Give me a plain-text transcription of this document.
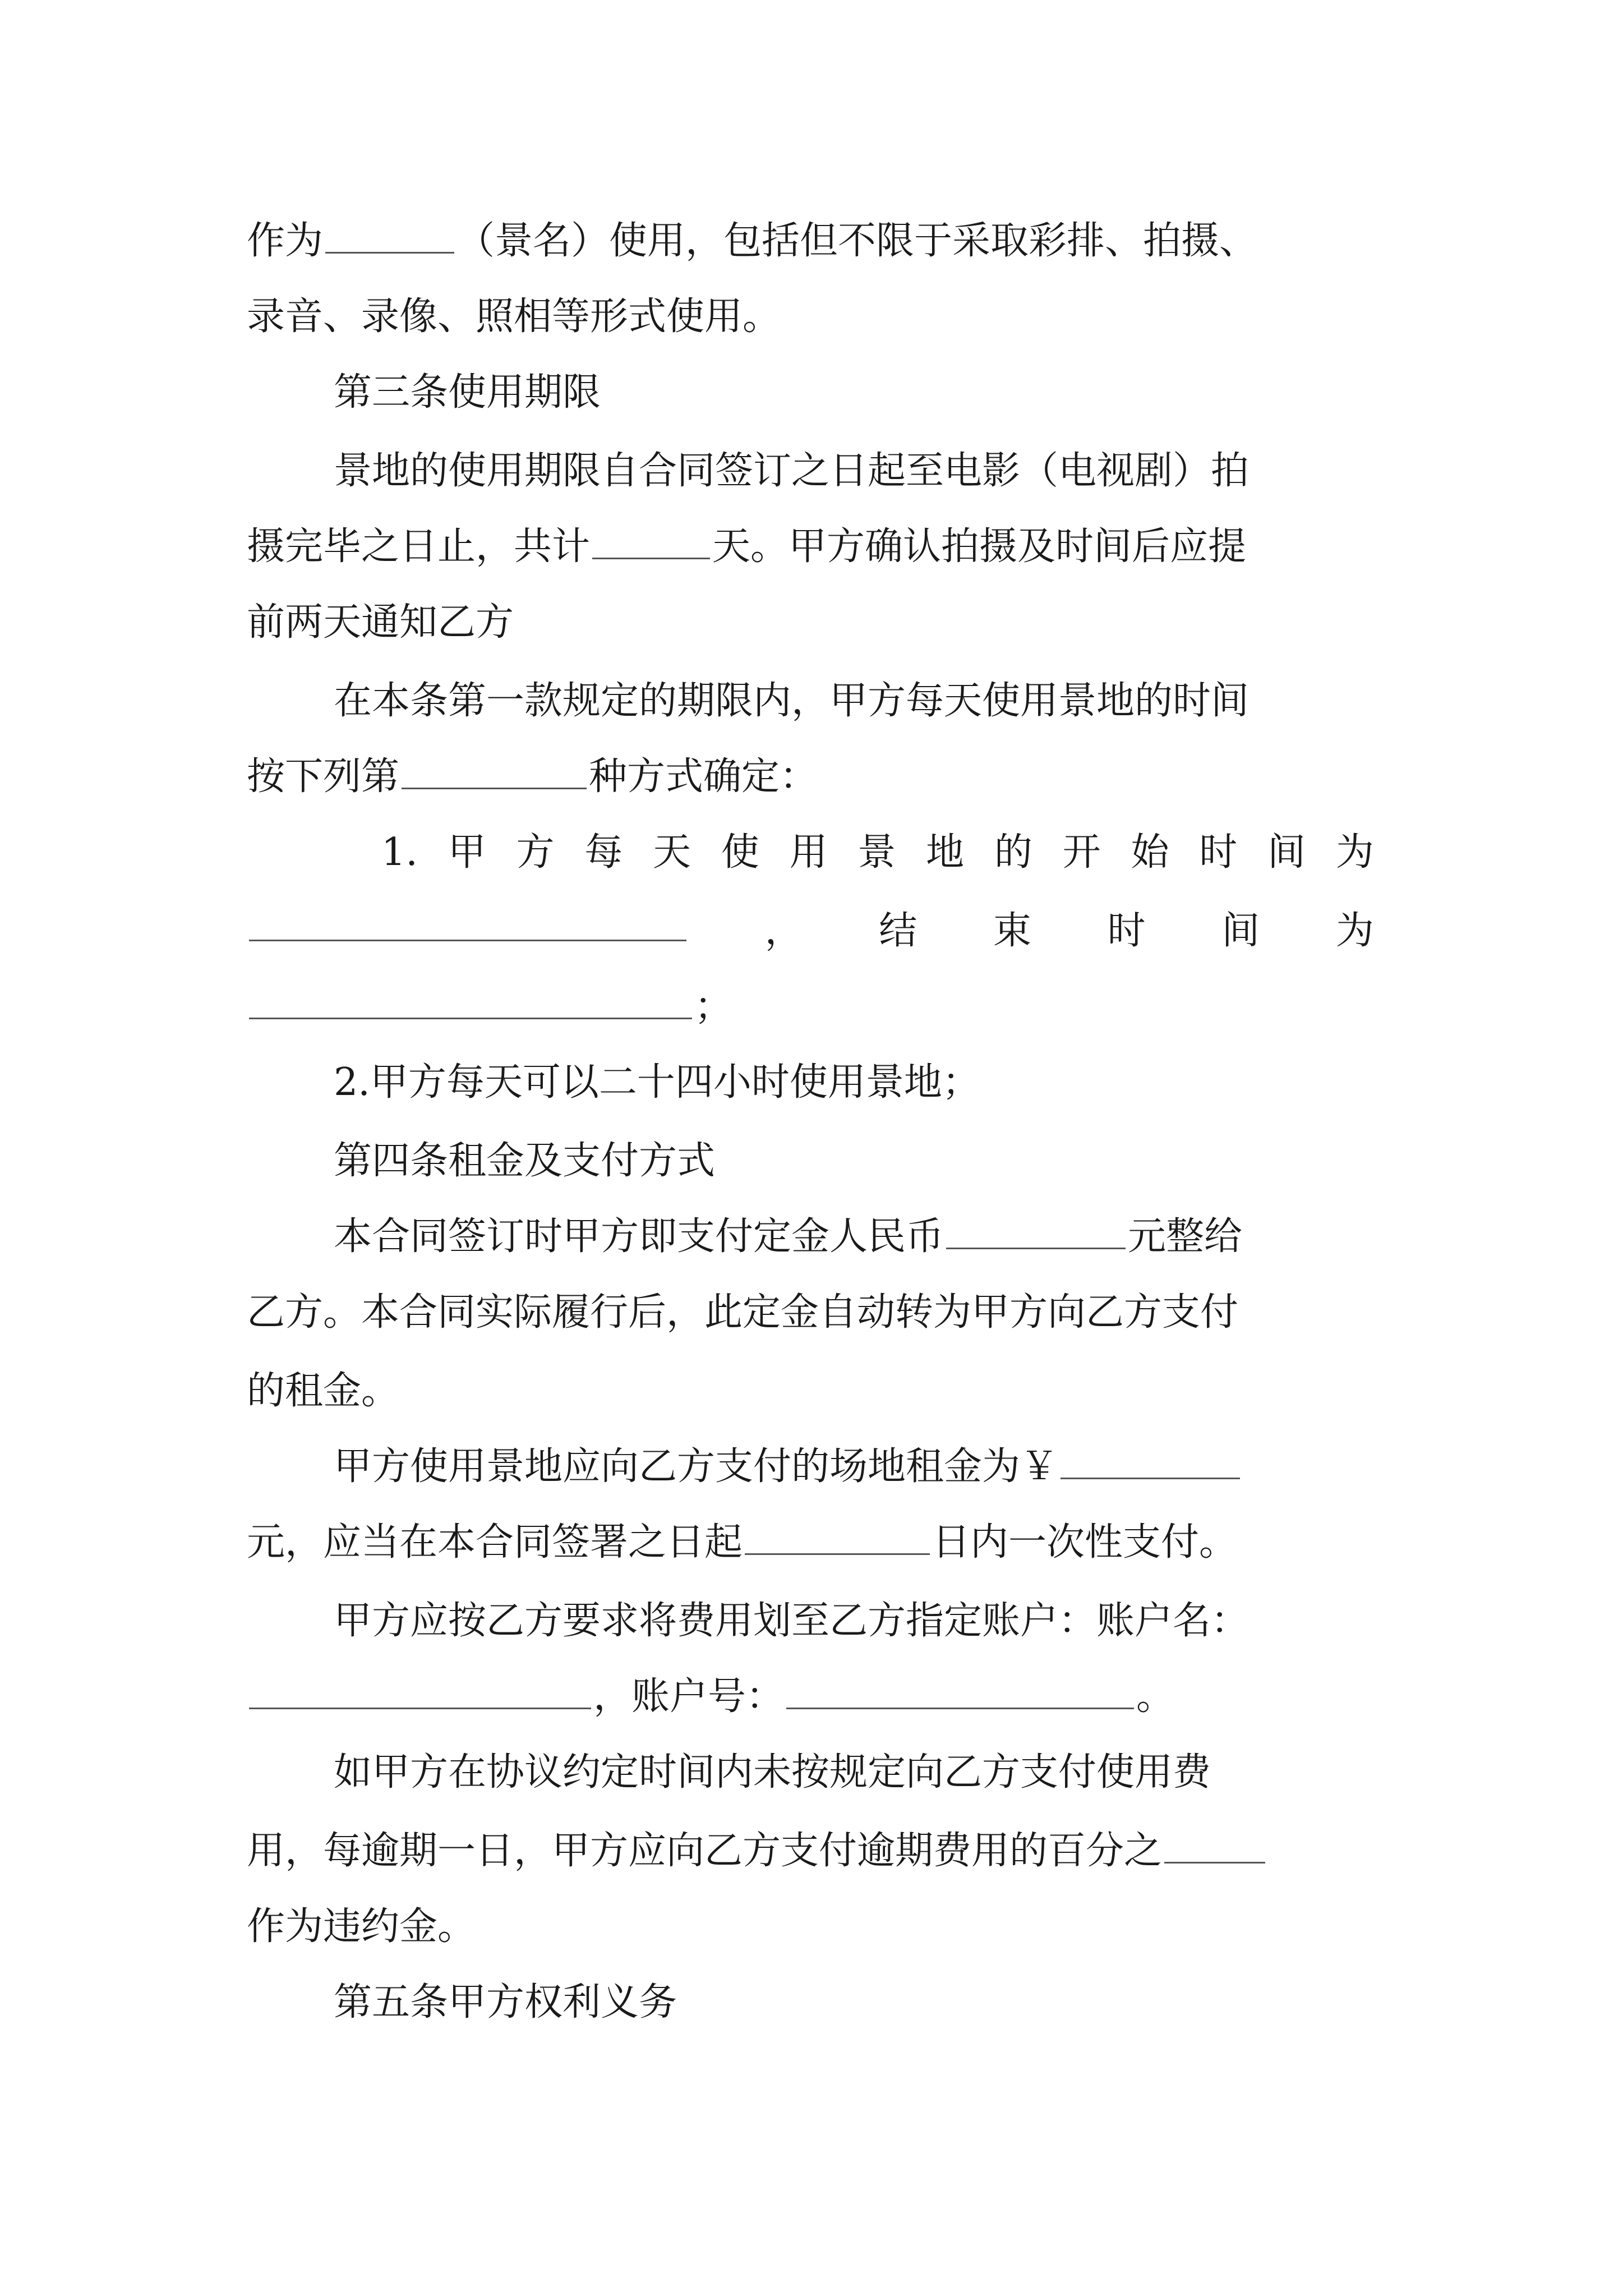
作为	（景名）使用，包括但不限于采取彩排、拍摄、
录音、录像、照相等形式使用。
第三条使用期限
景地的使用期限自合同签订之日起至电影（电视剧）拍
摄完毕之日止，共计	天。甲方确认拍摄及时间后应提
前两天通知乙方
在本条第一款规定的期限内，甲方每天使用景地的时间
按下列第	种方式确定：
1. 甲 方 每 天 使 用 景 地 的 开 始 时 间 为
， 结 束 时 间 为
；
2.甲方每天可以二十四小时使用景地；
第四条租金及支付方式
本合同签订时甲方即支付定金人民币	元整给
乙方。本合同实际履行后，此定金自动转为甲方向乙方支付
的租金。
甲方使用景地应向乙方支付的场地租金为￥
元，应当在本合同签署之日起	日内一次性支付。
甲方应按乙方要求将费用划至乙方指定账户：账户名：
，账户号：	。
如甲方在协议约定时间内未按规定向乙方支付使用费
用，每逾期一日，甲方应向乙方支付逾期费用的百分之
作为违约金。
第五条甲方权利义务
